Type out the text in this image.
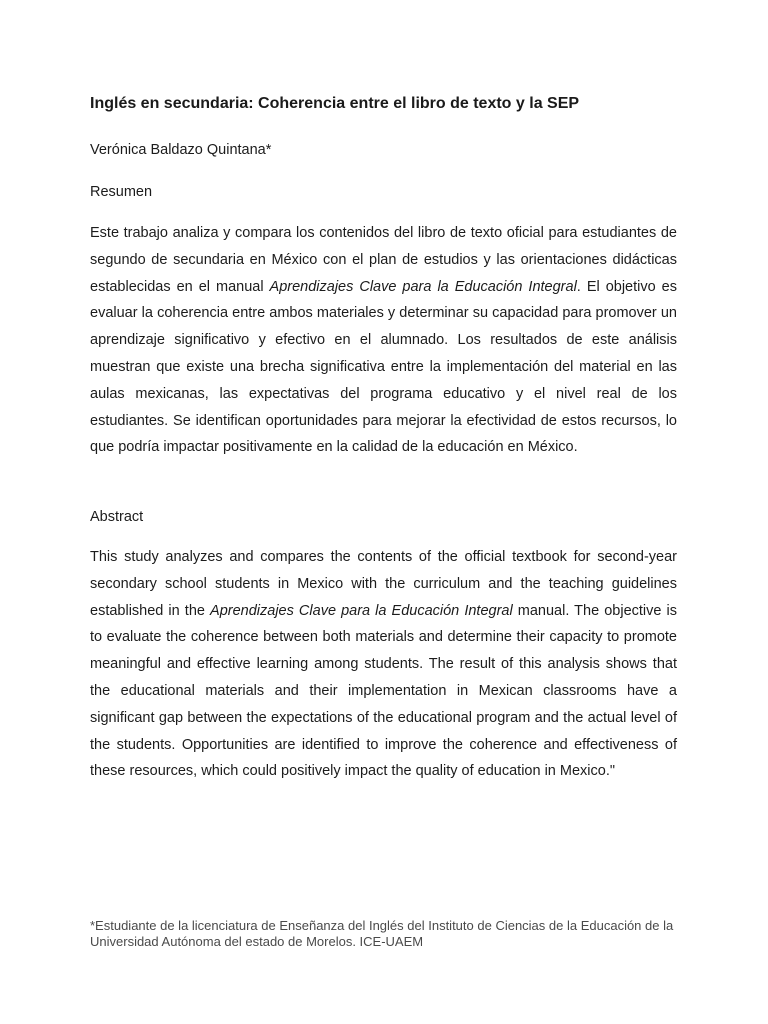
Inglés en secundaria: Coherencia entre el libro de texto y la SEP

Verónica Baldazo Quintana*

Resumen

Este trabajo analiza y compara los contenidos del libro de texto oficial para estudiantes de segundo de secundaria en México con el plan de estudios y las orientaciones didácticas establecidas en el manual Aprendizajes Clave para la Educación Integral. El objetivo es evaluar la coherencia entre ambos materiales y determinar su capacidad para promover un aprendizaje significativo y efectivo en el alumnado. Los resultados de este análisis muestran que existe una brecha significativa entre la implementación del material en las aulas mexicanas, las expectativas del programa educativo y el nivel real de los estudiantes. Se identifican oportunidades para mejorar la efectividad de estos recursos, lo que podría impactar positivamente en la calidad de la educación en México.

Abstract

This study analyzes and compares the contents of the official textbook for second-year secondary school students in Mexico with the curriculum and the teaching guidelines established in the Aprendizajes Clave para la Educación Integral manual. The objective is to evaluate the coherence between both materials and determine their capacity to promote meaningful and effective learning among students. The result of this analysis shows that the educational materials and their implementation in Mexican classrooms have a significant gap between the expectations of the educational program and the actual level of the students. Opportunities are identified to improve the coherence and effectiveness of these resources, which could positively impact the quality of education in Mexico."

*Estudiante de la licenciatura de Enseñanza del Inglés del Instituto de Ciencias de la Educación de la Universidad Autónoma del estado de Morelos. ICE-UAEM
